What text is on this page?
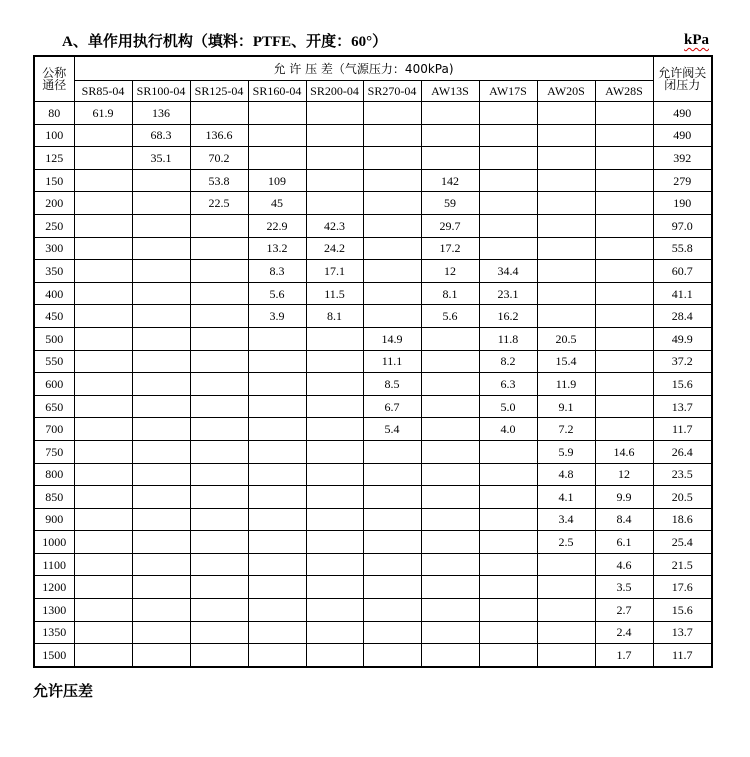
A、单作用执行机构（填料：PTFE、开度：60°）	kPa
公称
通径	允 许 压 差（气源压力：400kPa)										允许阀关
闭压力
	SR85-04	SR100-04	SR125-04	SR160-04	SR200-04	SR270-04	AW13S	AW17S	AW20S	AW28S	
80	61.9	136									490
100		68.3	136.6								490
125		35.1	70.2								392
150			53.8	109			142				279
200			22.5	45			59				190
250				22.9	42.3		29.7				97.0
300				13.2	24.2		17.2				55.8
350				8.3	17.1		12	34.4			60.7
400				5.6	11.5		8.1	23.1			41.1
450				3.9	8.1		5.6	16.2			28.4
500						14.9		11.8	20.5		49.9
550						11.1		8.2	15.4		37.2
600						8.5		6.3	11.9		15.6
650						6.7		5.0	9.1		13.7
700						5.4		4.0	7.2		11.7
750									5.9	14.6	26.4
800									4.8	12	23.5
850									4.1	9.9	20.5
900									3.4	8.4	18.6
1000									2.5	6.1	25.4
1100										4.6	21.5
1200										3.5	17.6
1300										2.7	15.6
1350										2.4	13.7
1500										1.7	11.7
允许压差
